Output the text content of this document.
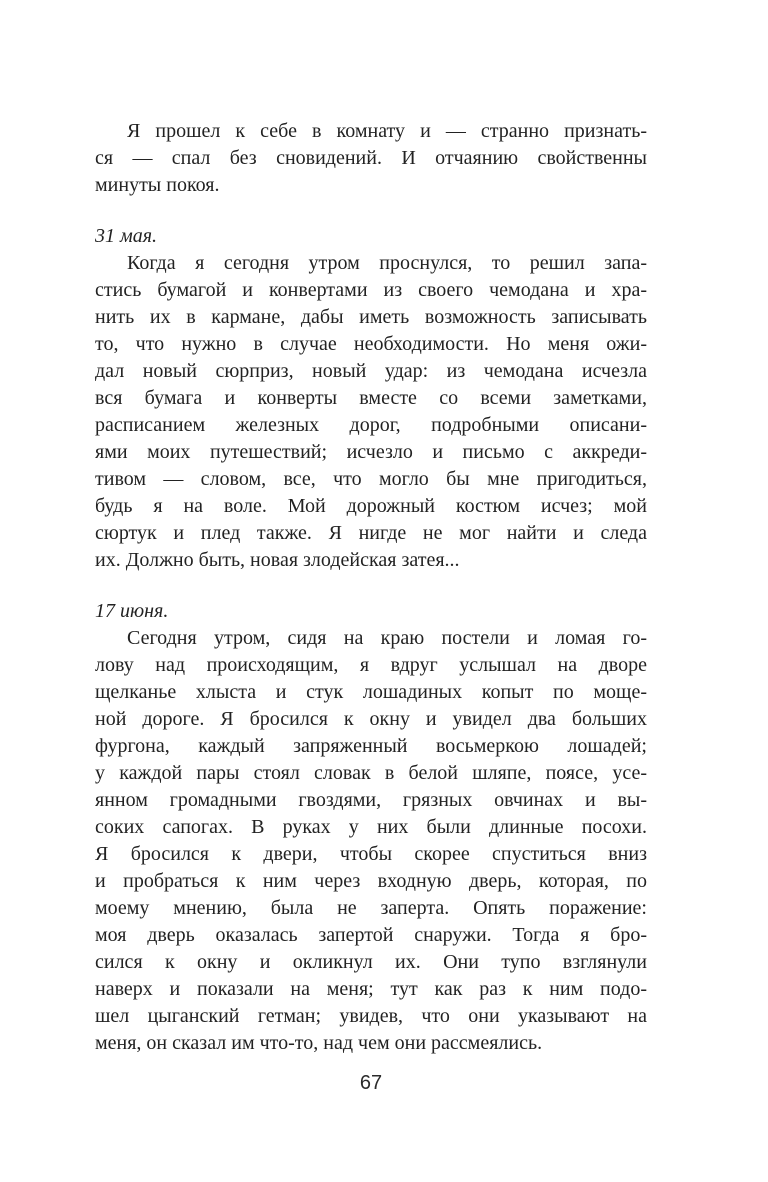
Я прошел к себе в комнату и — странно признать-
ся — спал без сновидений. И отчаянию свойственны
минуты покоя.
31 мая.
Когда я сегодня утром проснулся, то решил запа-
стись бумагой и конвертами из своего чемодана и хра-
нить их в кармане, дабы иметь возможность записывать
то, что нужно в случае необходимости. Но меня ожи-
дал новый сюрприз, новый удар: из чемодана исчезла
вся бумага и конверты вместе со всеми заметками,
расписанием железных дорог, подробными описани-
ями моих путешествий; исчезло и письмо с аккреди-
тивом — словом, все, что могло бы мне пригодиться,
будь я на воле. Мой дорожный костюм исчез; мой
сюртук и плед также. Я нигде не мог найти и следа
их. Должно быть, новая злодейская затея...
17 июня.
Сегодня утром, сидя на краю постели и ломая го-
лову над происходящим, я вдруг услышал на дворе
щелканье хлыста и стук лошадиных копыт по моще-
ной дороге. Я бросился к окну и увидел два больших
фургона, каждый запряженный восьмеркою лошадей;
у каждой пары стоял словак в белой шляпе, поясе, усе-
янном громадными гвоздями, грязных овчинах и вы-
соких сапогах. В руках у них были длинные посохи.
Я бросился к двери, чтобы скорее спуститься вниз
и пробраться к ним через входную дверь, которая, по
моему мнению, была не заперта. Опять поражение:
моя дверь оказалась запертой снаружи. Тогда я бро-
сился к окну и окликнул их. Они тупо взглянули
наверх и показали на меня; тут как раз к ним подо-
шел цыганский гетман; увидев, что они указывают на
меня, он сказал им что-то, над чем они рассмеялись.
67
